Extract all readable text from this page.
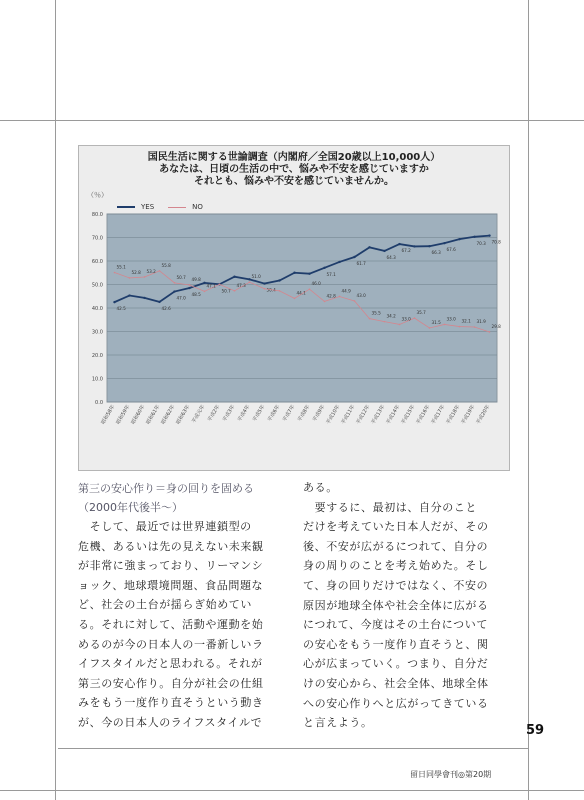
国民生活に関する世論調査（内閣府／全国20歳以上10,000人）
あなたは、日頃の生活の中で、悩みや不安を感じていますか
それとも、悩みや不安を感じていませんか。
（％）
YES	NO
0.0
10.0
20.0
30.0
40.0
50.0
60.0
70.0
80.0
昭和58年 昭和59年 昭和60年 昭和61年 昭和62年 昭和63年 平成元年 平成2年 平成3年 平成4年 平成5年 平成6年 平成7年 平成8年 平成9年 平成10年 平成11年 平成12年 平成13年 平成14年 平成15年 平成16年 平成17年 平成18年 平成19年 平成20年
42.5	42.6
47.0
48.5
50.7	50.4
57.1
61.7
64.3
67.2	66.3
67.6
70.3 70.8
55.1
52.8 53.2
55.8
50.7 49.8
47.1	47.3
51.0
44.1
46.0
42.8
44.9
43.0
35.5
34.2
33.0
35.7
31.5
33.0 32.1 31.9
29.8
第三の安心作り＝身の回りを固める
（2000年代後半〜）

　そして、最近では世界連鎖型の

危機、あるいは先の見えない未来観

が非常に強まっており、リーマンシ

ョック、地球環境問題、食品問題な

ど、社会の土台が揺らぎ始めてい

る。それに対して、活動や運動を始

めるのが今の日本人の一番新しいラ

イフスタイルだと思われる。それが

第三の安心作り。自分が社会の仕組

みをもう一度作り直そうという動き

が、今の日本人のライフスタイルで

ある。

　要するに、最初は、自分のこと

だけを考えていた日本人だが、その

後、不安が広がるにつれて、自分の

身の周りのことを考え始めた。そし

て、身の回りだけではなく、不安の

原因が地球全体や社会全体に広がる

につれて、今度はその土台について

の安心をもう一度作り直そうと、関

心が広まっていく。つまり、自分だ

けの安心から、社会全体、地球全体

への安心作りへと広がってきている

と言えよう。

59
留日同學會刊◎第20期
